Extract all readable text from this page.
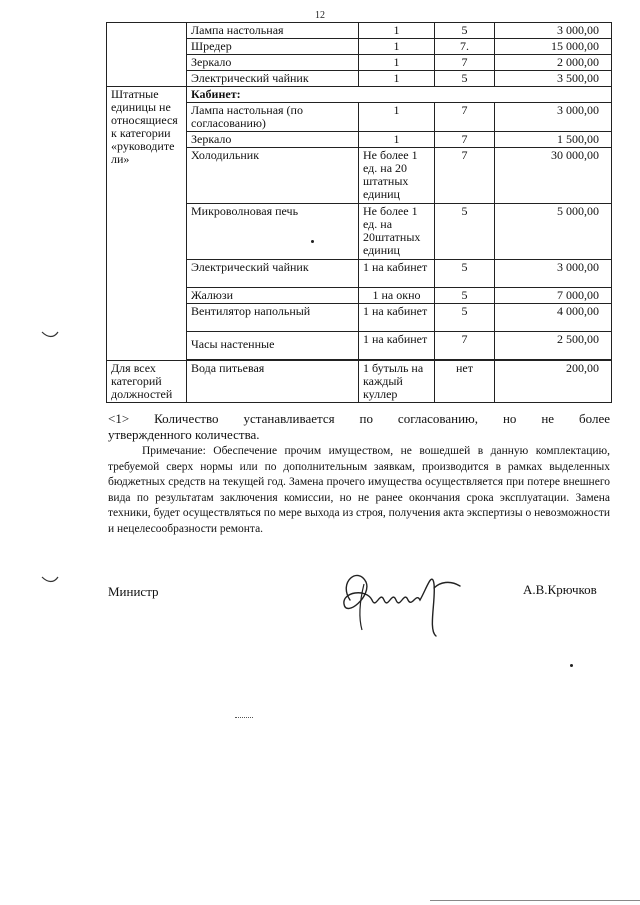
12
	Лампа настольная	1	5	3 000,00
	Шредер	1	7.	15 000,00
	Зеркало	1	7	2 000,00
	Электрический чайник	1	5	3 500,00
Штатные единицы не относящиеся к категории «руководите ли»	Кабинет:			
	Лампа настольная (по согласованию)	1	7	3 000,00
	Зеркало	1	7	1 500,00
	Холодильник	Не более 1 ед. на 20 штатных единиц	7	30 000,00
	Микроволновая печь	Не более 1 ед. на 20штатных единиц	5	5 000,00
	Электрический чайник	1 на кабинет	5	3 000,00
	Жалюзи	1 на окно	5	7 000,00
	Вентилятор напольный	1 на кабинет	5	4 000,00
	Часы настенные	1 на кабинет	7	2 500,00

Для всех категорий должностей	Вода питьевая	1 бутыль на каждый куллер	нет	200,00
<1> Количество устанавливается по согласованию, но не более
утвержденного количества.
Примечание: Обеспечение прочим имуществом, не вошедшей в данную комплектацию, требуемой сверх нормы или по дополнительным заявкам, производится в рамках выделенных бюджетных средств на текущей год. Замена прочего имущества осуществляется при потере внешнего вида по результатам заключения комиссии, но не ранее окончания срока эксплуатации. Замена техники, будет осуществляться по мере выхода из строя, получения акта экспертизы о невозможности и нецелесообразности ремонта.
Министр	А.В.Крючков
